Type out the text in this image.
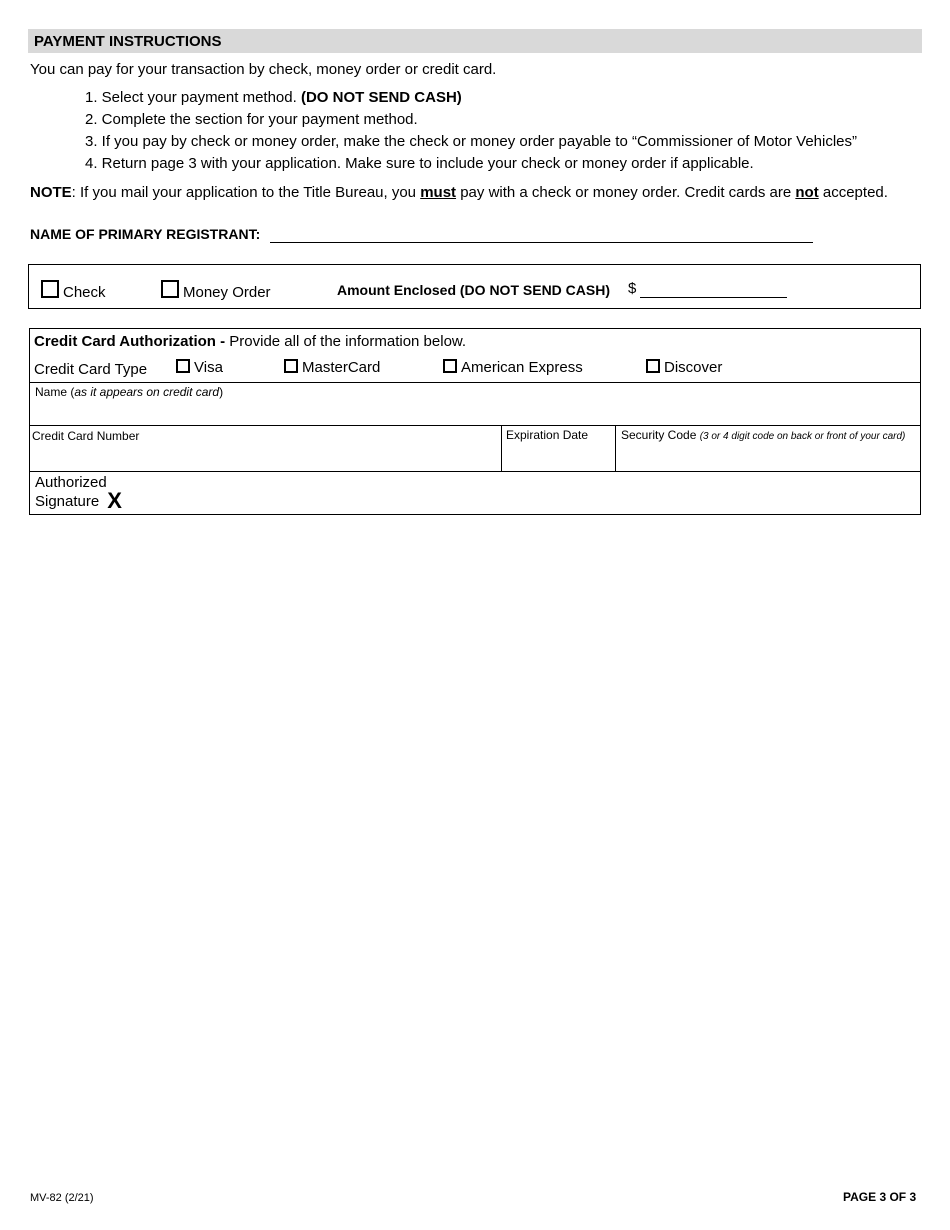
PAYMENT INSTRUCTIONS
You can pay for your transaction by check, money order or credit card.
1. Select your payment method. (DO NOT SEND CASH)
2. Complete the section for your payment method.
3. If you pay by check or money order, make the check or money order payable to “Commissioner of Motor Vehicles”
4. Return page 3 with your application. Make sure to include your check or money order if applicable.
NOTE: If you mail your application to the Title Bureau, you must pay with a check or money order. Credit cards are not accepted.
NAME OF PRIMARY REGISTRANT:
Check	Money Order	Amount Enclosed (DO NOT SEND CASH) $
Credit Card Authorization - Provide all of the information below.
Credit Card Type	Visa	MasterCard	American Express	Discover
Name (as it appears on credit card)
Credit Card Number	Expiration Date	Security Code (3 or 4 digit code on back or front of your card)
Authorized
Signature X
MV-82 (2/21)	PAGE 3 OF 3
